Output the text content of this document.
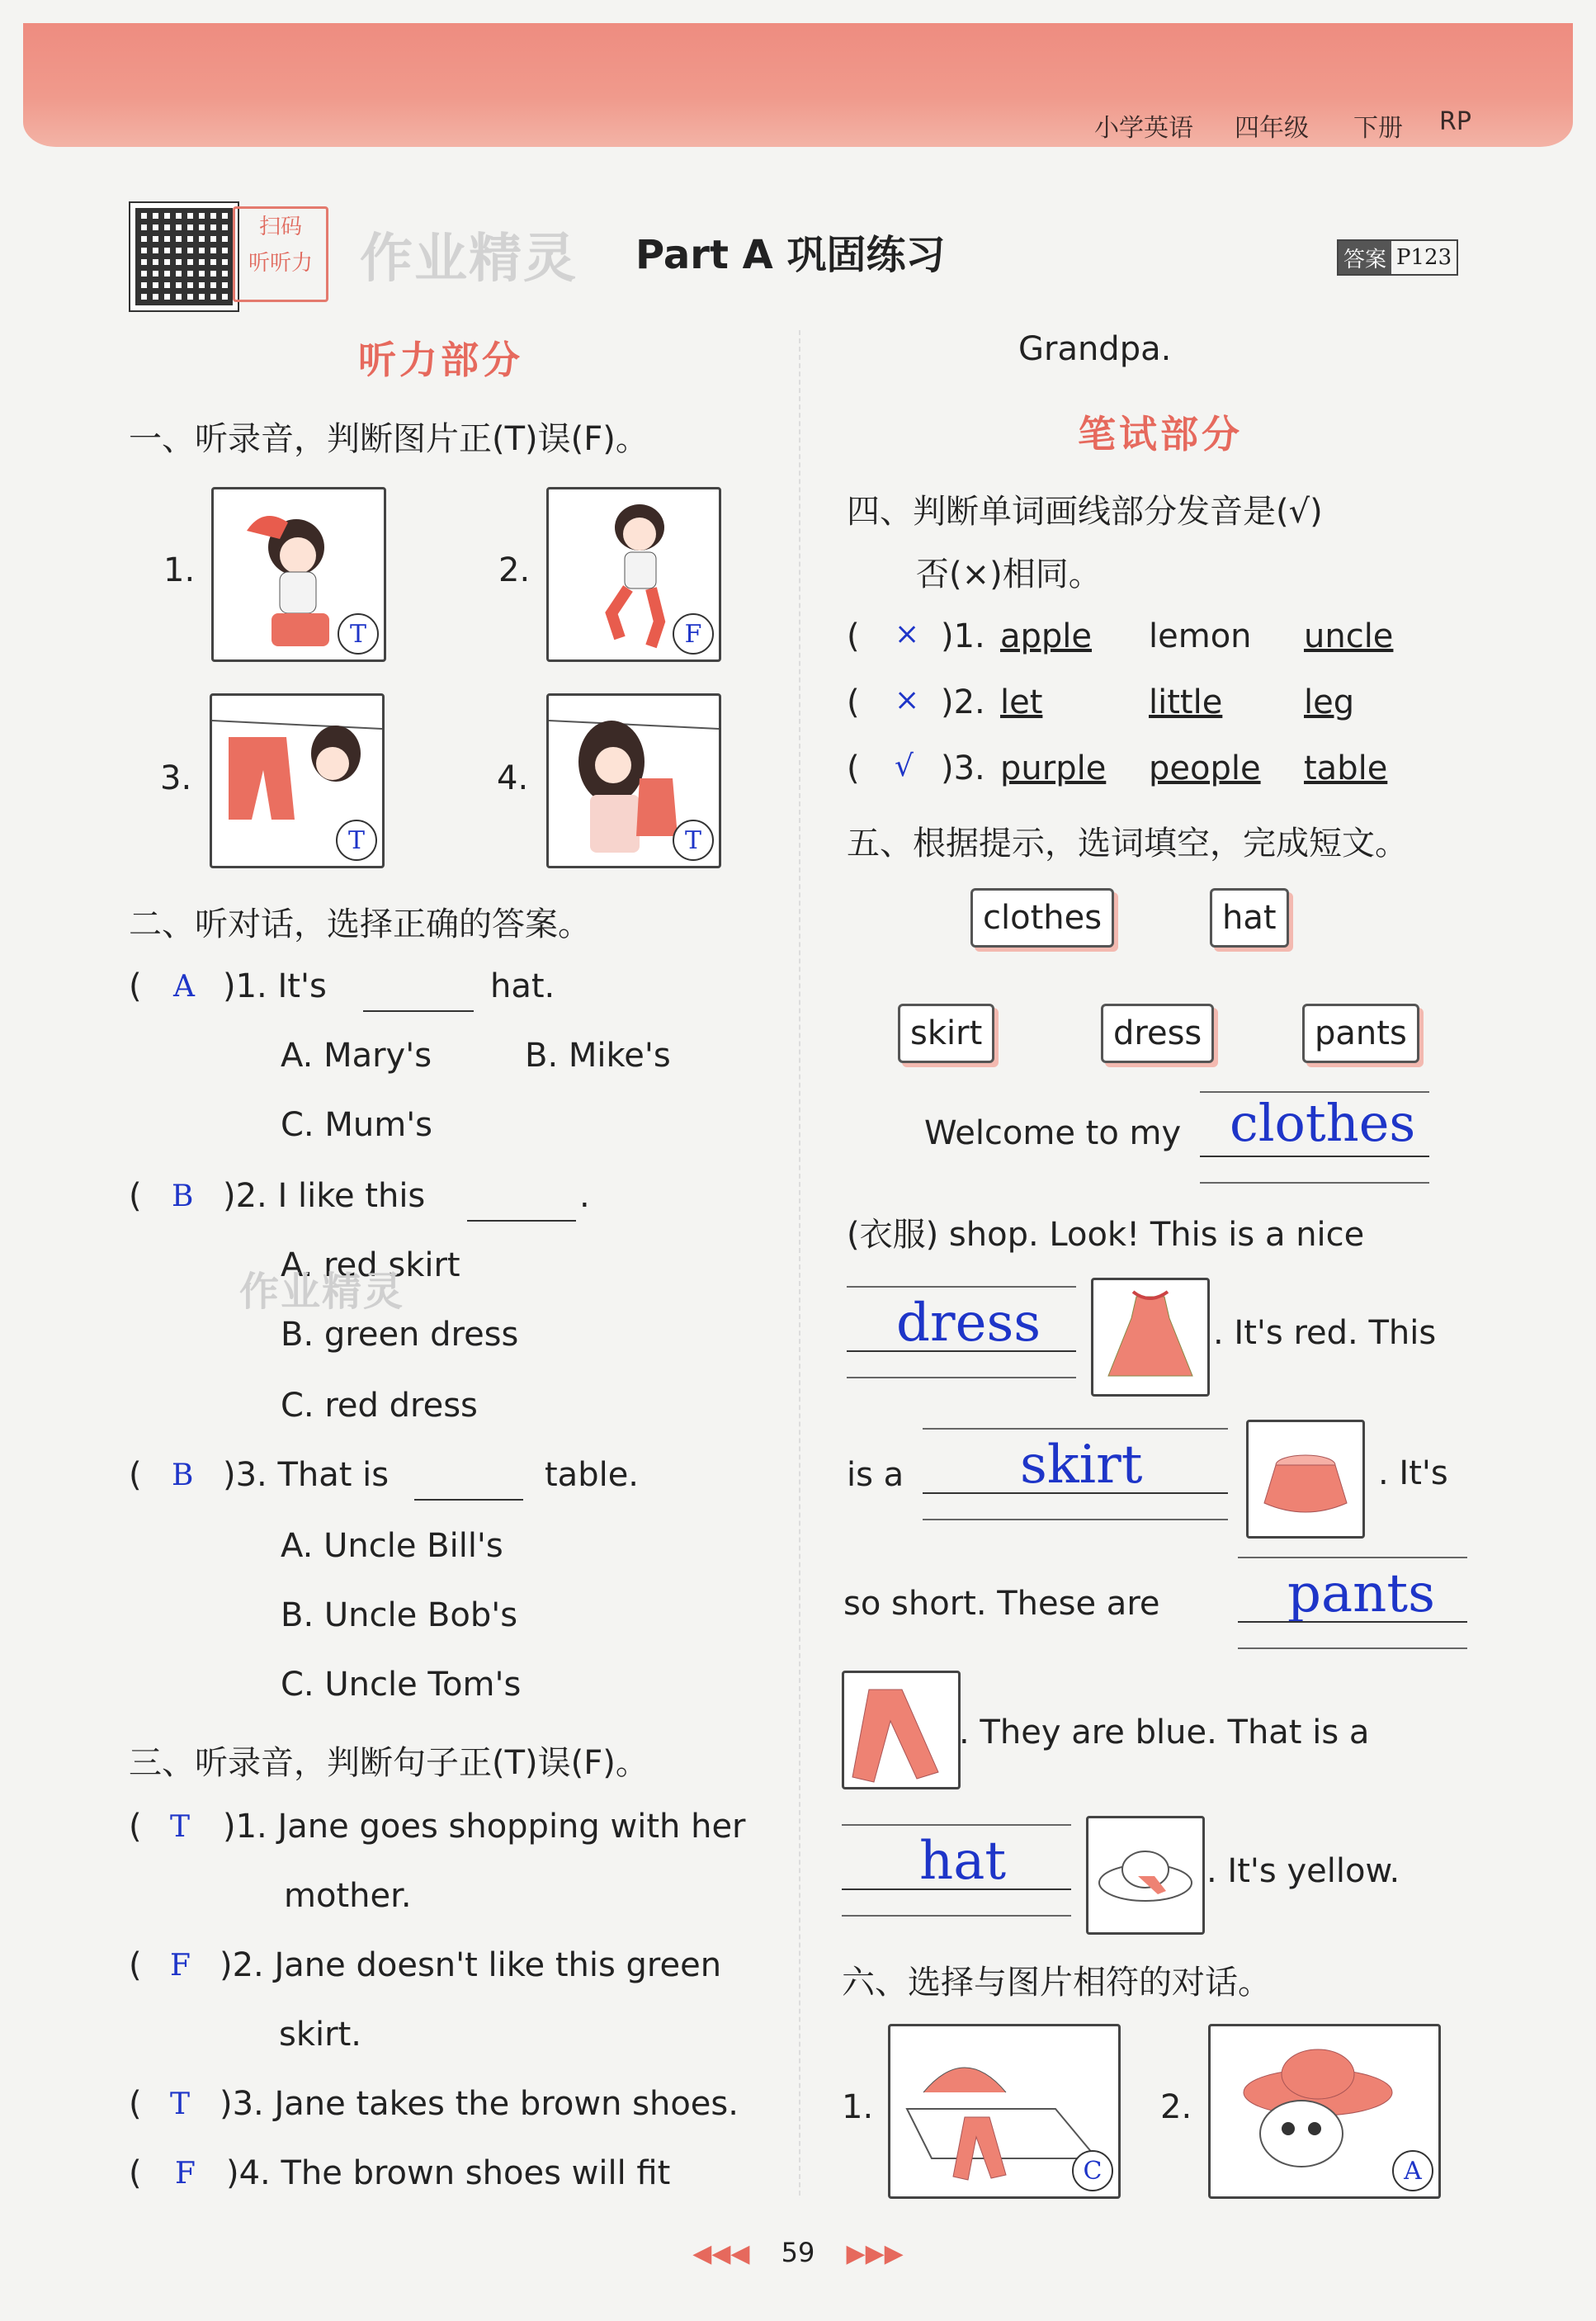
小学英语 四年级 下册 RP
扫码
听听力 作业精灵 Part A 巩固练习	答案 P123
听力部分
一、听录音，判断图片正(T)误(F)。
1.
T
2.
F
3.
T
4.
T
二、听对话，选择正确的答案。
( A )1. It's	hat.
A. Mary's	B. Mike's
C. Mum's
( B )2. I like this	.
A. red skirt
作业精灵
B. green dress
C. red dress
( B )3. That is	table.
A. Uncle Bill's
B. Uncle Bob's
C. Uncle Tom's
三、听录音，判断句子正(T)误(F)。
( T )1. Jane goes shopping with her
mother.
( F )2. Jane doesn't like this green
skirt.
( T )3. Jane takes the brown shoes.
( F )4. The brown shoes will fit
Grandpa.
笔试部分
四、判断单词画线部分发音是(√)
否(×)相同。
( × )1. apple lemon uncle
( × )2. let	little leg
( √ )3. purple people table
五、根据提示，选词填空，完成短文。
clothes	hat
skirt	dress	pants
Welcome to my clothes
(衣服) shop. Look! This is a nice
dress	. It's red. This
is a skirt	. It's
so short. These are pants
. They are blue. That is a
hat	. It's yellow.
六、选择与图片相符的对话。
1.
C
2.
A
◀◀◀ 59 ▶▶▶
